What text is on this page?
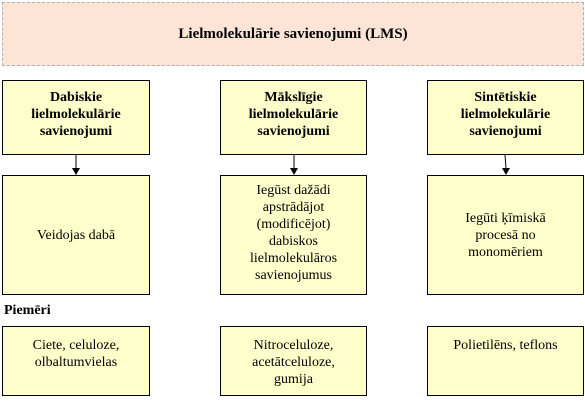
Lielmolekulārie savienojumi (LMS)
Dabiskie lielmolekulārie savienojumi
Mākslīgie lielmolekulārie savienojumi
Sintētiskie lielmolekulārie savienojumi
Veidojas dabā
Iegūst dažādi apstrādājot (modificējot) dabiskos lielmolekulāros savienojumus
Iegūti ķīmiskā procesā no monomēriem
Piemēri
Ciete, celuloze, olbaltumvielas
Nitroceluloze, acetātceluloze, gumija
Polietilēns, teflons
